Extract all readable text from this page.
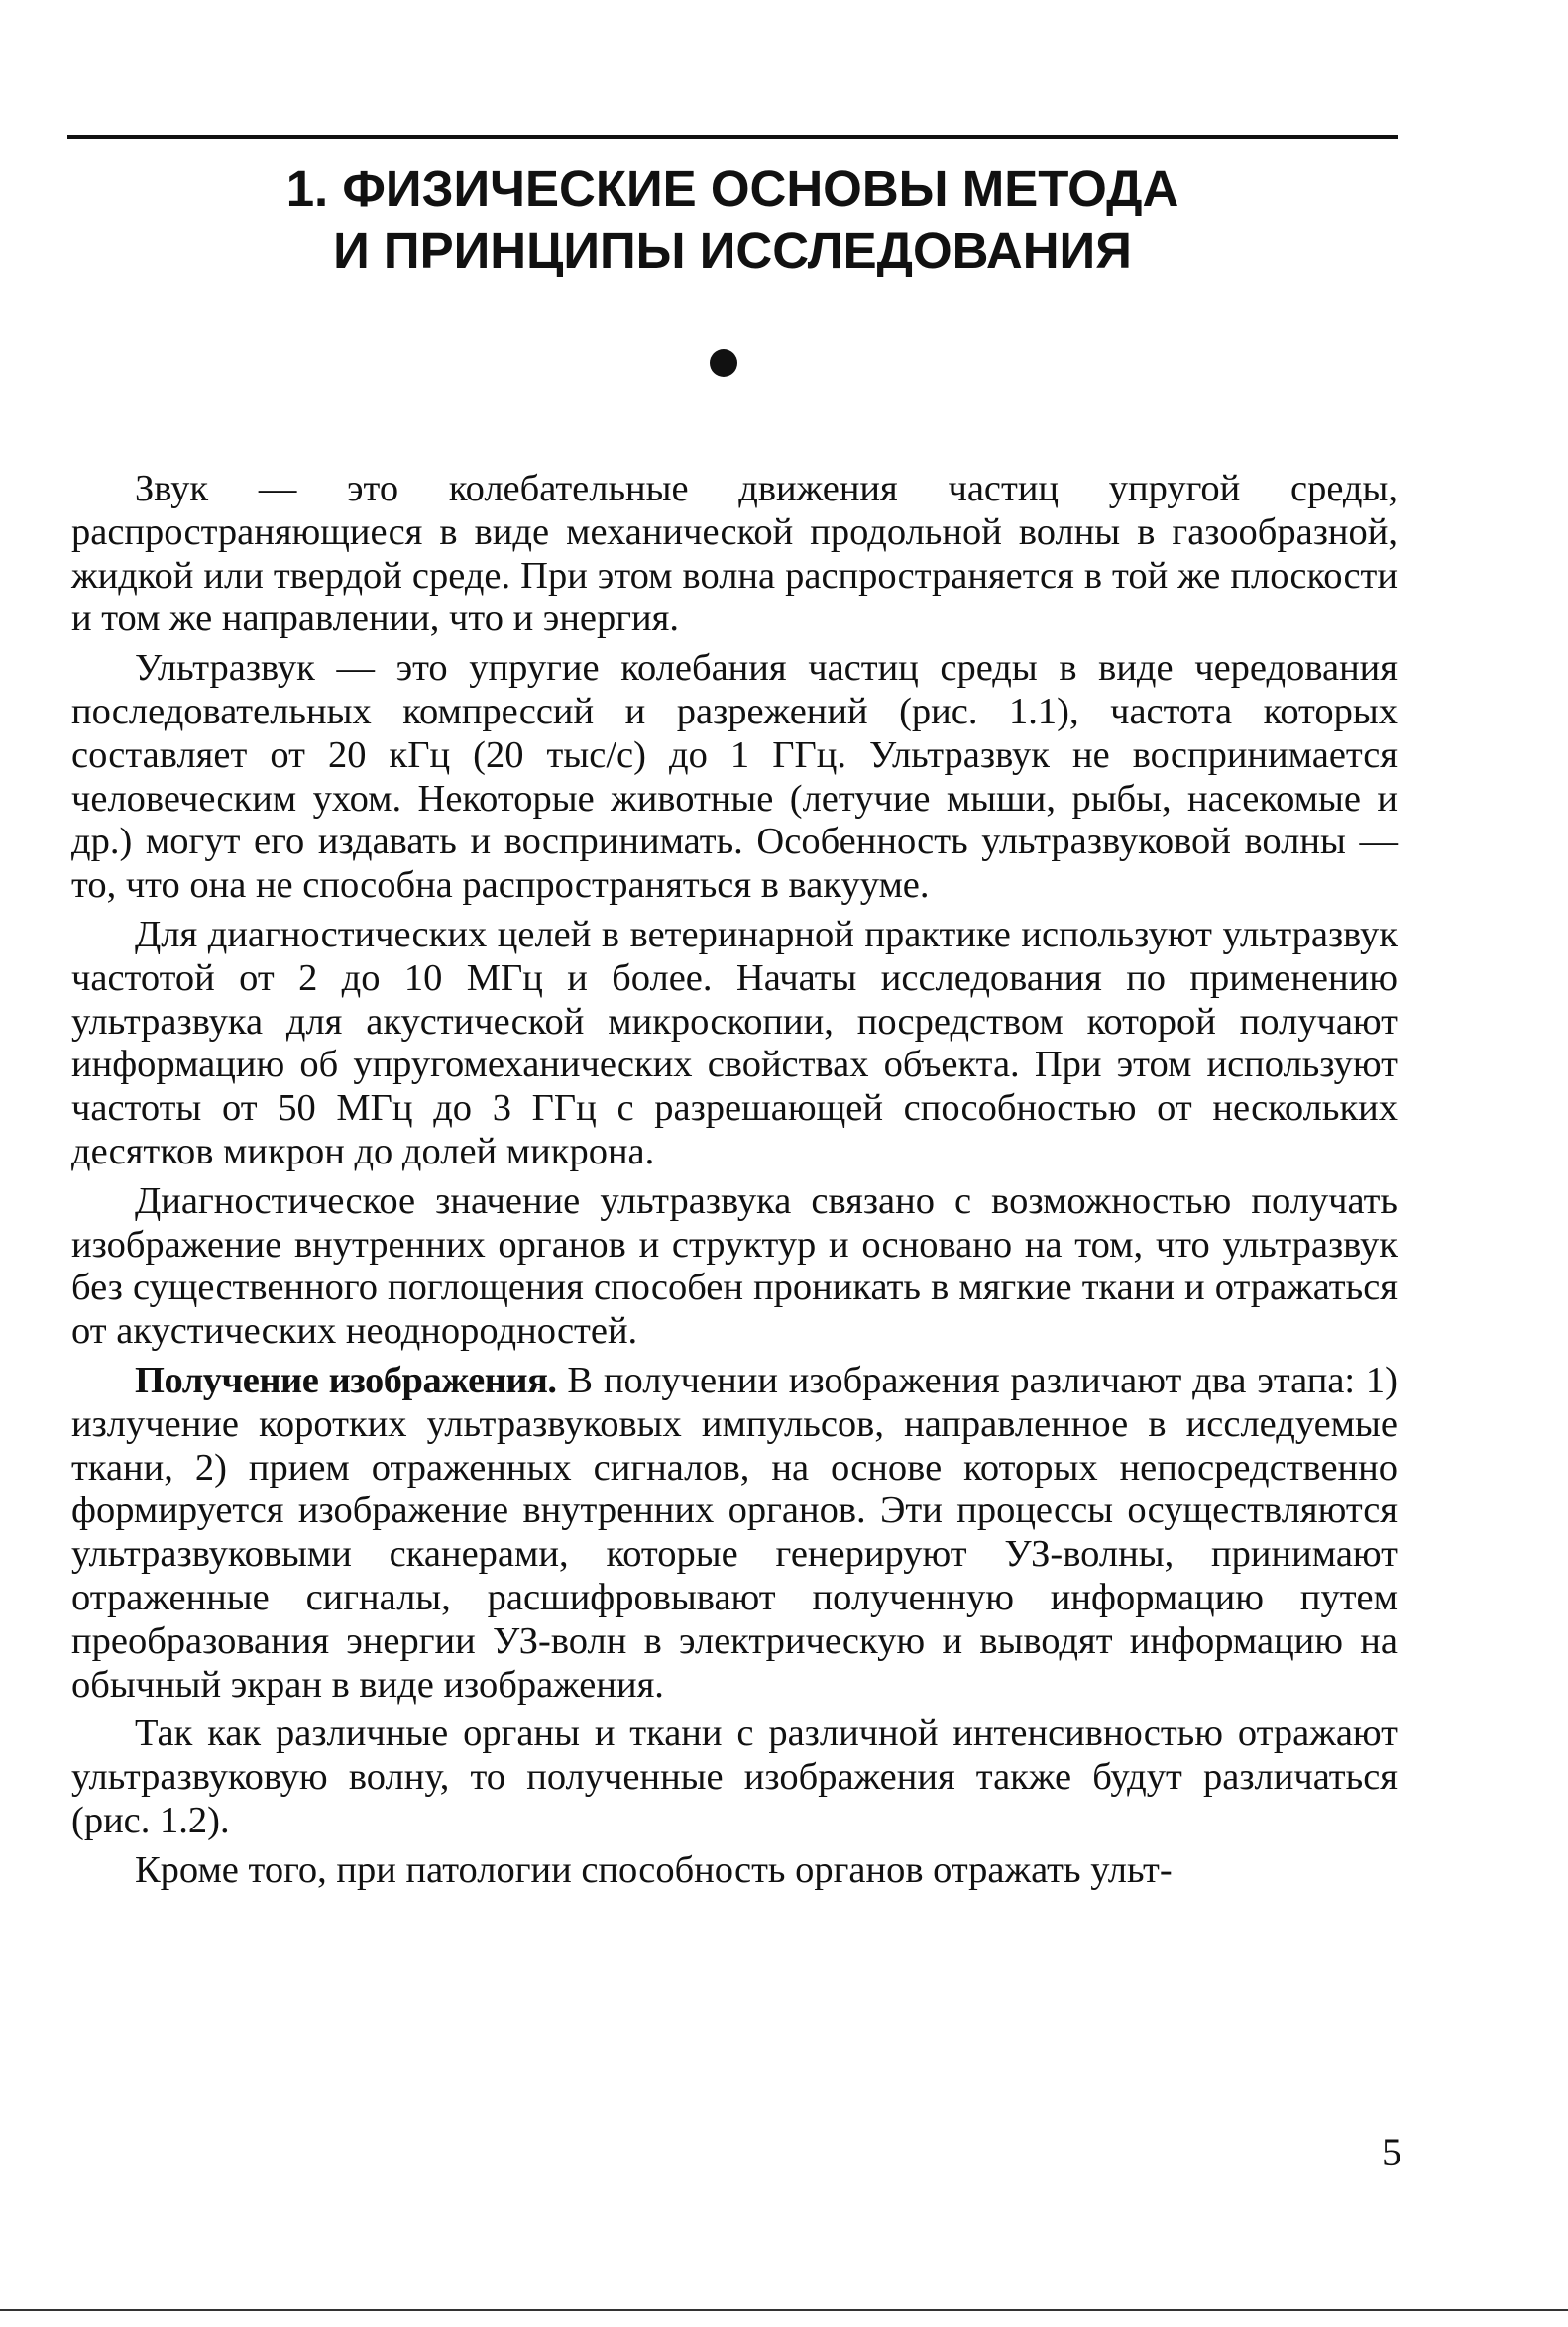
1. ФИЗИЧЕСКИЕ ОСНОВЫ МЕТОДА
И ПРИНЦИПЫ ИССЛЕДОВАНИЯ

Звук — это колебательные движения частиц упругой среды, распространяющиеся в виде механической продольной волны в газообразной, жидкой или твердой среде. При этом волна распространяется в той же плоскости и том же направлении, что и энергия.

Ультразвук — это упругие колебания частиц среды в виде чередования последовательных компрессий и разрежений (рис. 1.1), частота которых составляет от 20 кГц (20 тыс/с) до 1 ГГц. Ультразвук не воспринимается человеческим ухом. Некоторые животные (летучие мыши, рыбы, насекомые и др.) могут его издавать и воспринимать. Особенность ультразвуковой волны — то, что она не способна распространяться в вакууме.

Для диагностических целей в ветеринарной практике используют ультразвук частотой от 2 до 10 МГц и более. Начаты исследования по применению ультразвука для акустической микроскопии, посредством которой получают информацию об упругомеханических свойствах объекта. При этом используют частоты от 50 МГц до 3 ГГц с разрешающей способностью от нескольких десятков микрон до долей микрона.

Диагностическое значение ультразвука связано с возможностью получать изображение внутренних органов и структур и основано на том, что ультразвук без существенного поглощения способен проникать в мягкие ткани и отражаться от акустических неоднородностей.

Получение изображения. В получении изображения различают два этапа: 1) излучение коротких ультразвуковых импульсов, направленное в исследуемые ткани, 2) прием отраженных сигналов, на основе которых непосредственно формируется изображение внутренних органов. Эти процессы осуществляются ультразвуковыми сканерами, которые генерируют УЗ-волны, принимают отраженные сигналы, расшифровывают полученную информацию путем преобразования энергии УЗ-волн в электрическую и выводят информацию на обычный экран в виде изображения.

Так как различные органы и ткани с различной интенсивностью отражают ультразвуковую волну, то полученные изображения также будут различаться (рис. 1.2).

Кроме того, при патологии способность органов отражать ульт-

5
